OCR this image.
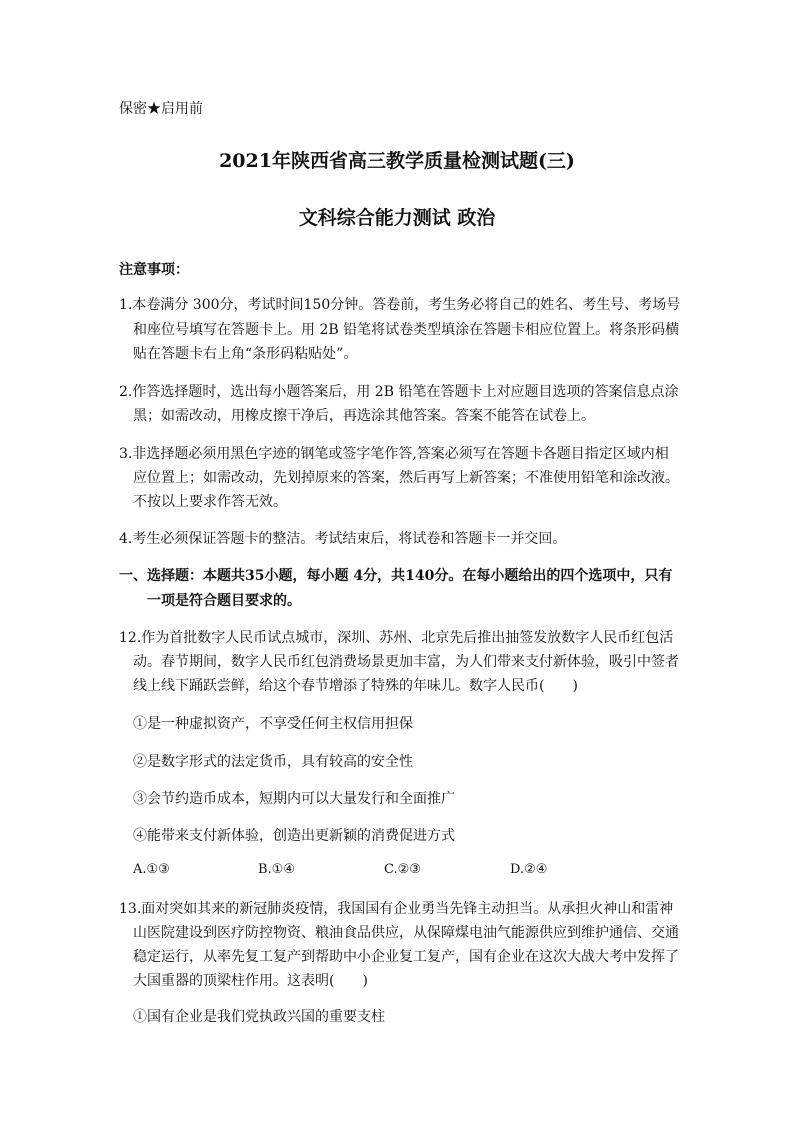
保密★启用前
2021年陕西省高三教学质量检测试题(三)
文科综合能力测试 政治
注意事项：
1.本卷满分 300分，考试时间150分钟。答卷前，考生务必将自己的姓名、考生号、考场号
和座位号填写在答题卡上。用 2B 铅笔将试卷类型填涂在答题卡相应位置上。将条形码横
贴在答题卡右上角“条形码粘贴处”。
2.作答选择题时，选出每小题答案后，用 2B 铅笔在答题卡上对应题目选项的答案信息点涂
黑；如需改动，用橡皮擦干净后，再选涂其他答案。答案不能答在试卷上。
3.非选择题必须用黑色字迹的钢笔或签字笔作答,答案必须写在答题卡各题目指定区域内相
应位置上；如需改动，先划掉原来的答案，然后再写上新答案；不准使用铅笔和涂改液。
不按以上要求作答无效。
4.考生必须保证答题卡的整洁。考试结束后，将试卷和答题卡一并交回。
一、选择题：本题共35小题，每小题 4分，共140分。在每小题给出的四个选项中，只有
一项是符合题目要求的。
12.作为首批数字人民币试点城市，深圳、苏州、北京先后推出抽签发放数字人民币红包活
动。春节期间，数字人民币红包消费场景更加丰富，为人们带来支付新体验，吸引中签者
线上线下踊跃尝鲜，给这个春节增添了特殊的年味儿。数字人民币(　　)
①是一种虚拟资产，不享受任何主权信用担保
②是数字形式的法定货币，具有较高的安全性
③会节约造币成本，短期内可以大量发行和全面推广
④能带来支付新体验，创造出更新颖的消费促进方式
A.①③	B.①④	C.②③	D.②④
13.面对突如其来的新冠肺炎疫情，我国国有企业勇当先锋主动担当。从承担火神山和雷神
山医院建设到医疗防控物资、粮油食品供应，从保障煤电油气能源供应到维护通信、交通
稳定运行，从率先复工复产到帮助中小企业复工复产，国有企业在这次大战大考中发挥了
大国重器的顶梁柱作用。这表明(　　)
①国有企业是我们党执政兴国的重要支柱
